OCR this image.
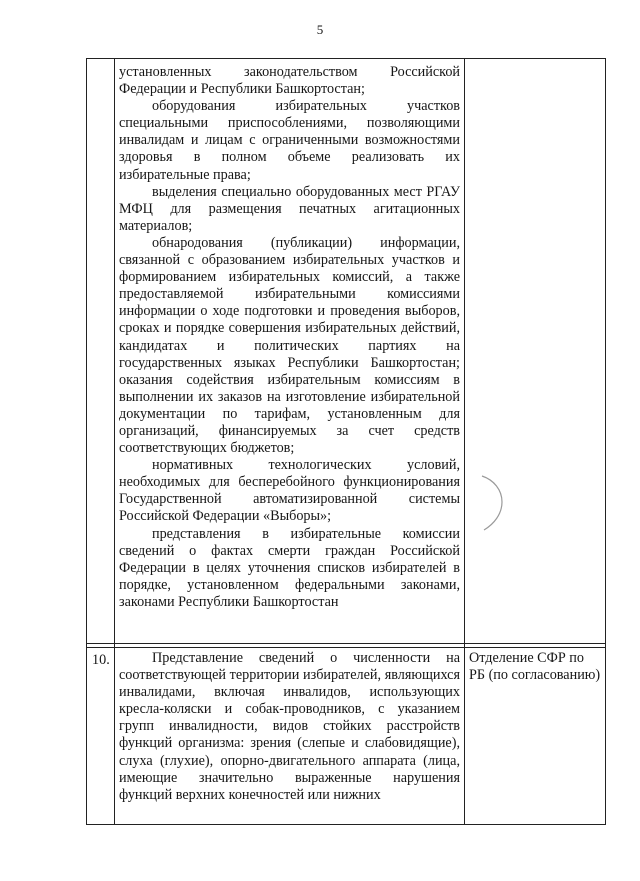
5

установленных законодательством Российской Федерации и Республики Башкортостан;

оборудования избирательных участков специальными приспособлениями, позволяющими инвалидам и лицам с ограниченными возможностями здоровья в полном объеме реализовать их избирательные права;

выделения специально оборудованных мест РГАУ МФЦ для размещения печатных агитационных материалов;

обнародования (публикации) информации, связанной с образованием избирательных участков и формированием избирательных комиссий, а также предоставляемой избирательными комиссиями информации о ходе подготовки и проведения выборов, сроках и порядке совершения избирательных действий, кандидатах и политических партиях на государственных языках Республики Башкортостан; оказания содействия избирательным комиссиям в выполнении их заказов на изготовление избирательной документации по тарифам, установленным для организаций, финансируемых за счет средств соответствующих бюджетов;

нормативных технологических условий, необходимых для бесперебойного функционирования Государственной автоматизированной системы Российской Федерации «Выборы»;

представления в избирательные комиссии сведений о фактах смерти граждан Российской Федерации в целях уточнения списков избирателей в порядке, установленном федеральными законами, законами Республики Башкортостан

10.	Представление сведений о численности на соответствующей территории избирателей, являющихся инвалидами, включая инвалидов, использующих кресла-коляски и собак-проводников, с указанием групп инвалидности, видов стойких расстройств функций организма: зрения (слепые и слабовидящие), слуха (глухие), опорно-двигательного аппарата (лица, имеющие значительно выраженные нарушения функций верхних конечностей или нижних

Отделение СФР по РБ (по согласованию)
